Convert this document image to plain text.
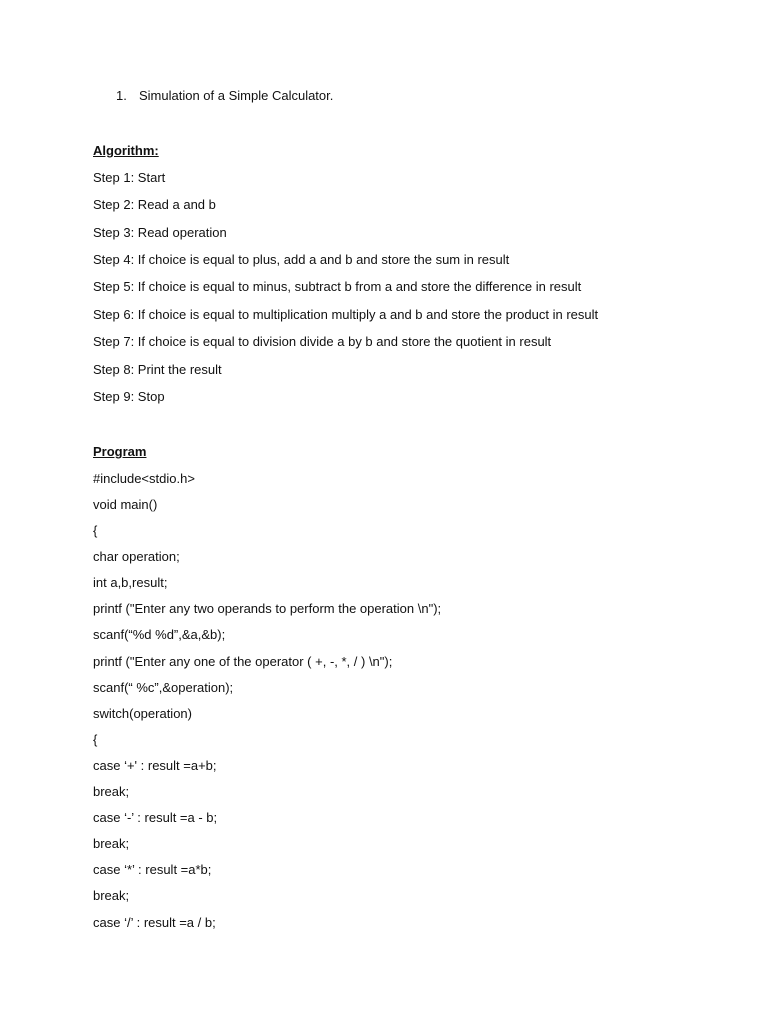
1. Simulation of a Simple Calculator.
Algorithm:
Step 1: Start
Step 2: Read a and b
Step 3: Read operation
Step 4: If choice is equal to plus, add a and b and store the sum in result
Step 5: If choice is equal to minus, subtract b from a and store the difference in result
Step 6: If choice is equal to multiplication multiply a and b and store the product in result
Step 7: If choice is equal to division divide a by b and store the quotient in result
Step 8: Print the result
Step 9: Stop
Program
#include<stdio.h>
void main()
{
char operation;
int a,b,result;
printf ("Enter any two operands to perform the operation \n");
scanf(“%d %d”,&a,&b);
printf ("Enter any one of the operator ( +, -, *, / ) \n");
scanf(“ %c”,&operation);
switch(operation)
{
case ‘+' : result =a+b;
break;
case ‘-’ : result =a - b;
break;
case ‘*’ : result =a*b;
break;
case ‘/’ : result =a / b;
